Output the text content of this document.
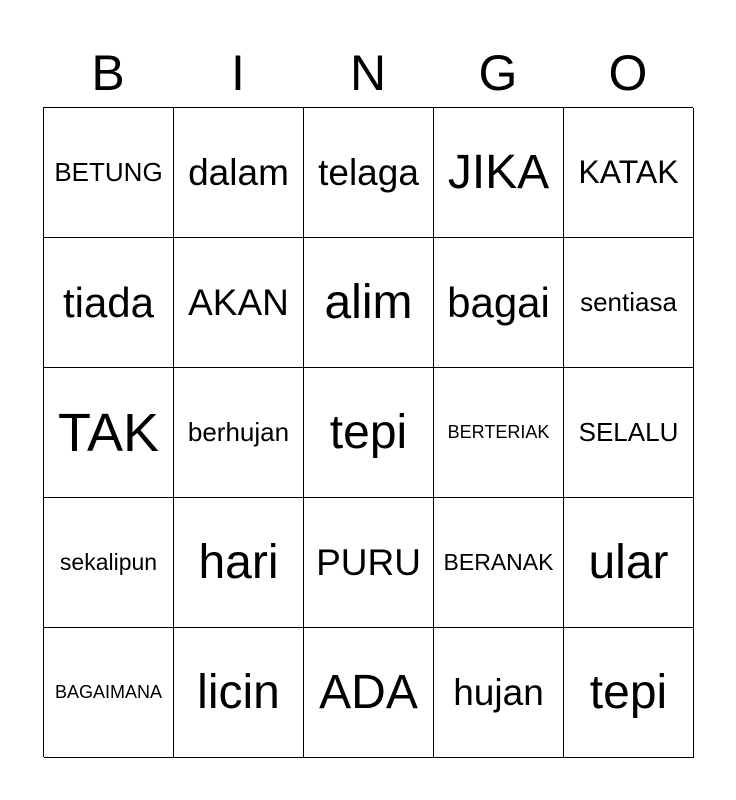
B	I	N	G	O
BETUNG dalam telaga JIKA KATAK
tiada AKAN alim bagai	sentiasa
TAK	berhujan tepi	BERTERIAK	SELALU
sekalipun hari	PURU BERANAK ular
BAGAIMANA licin ADA hujan tepi
